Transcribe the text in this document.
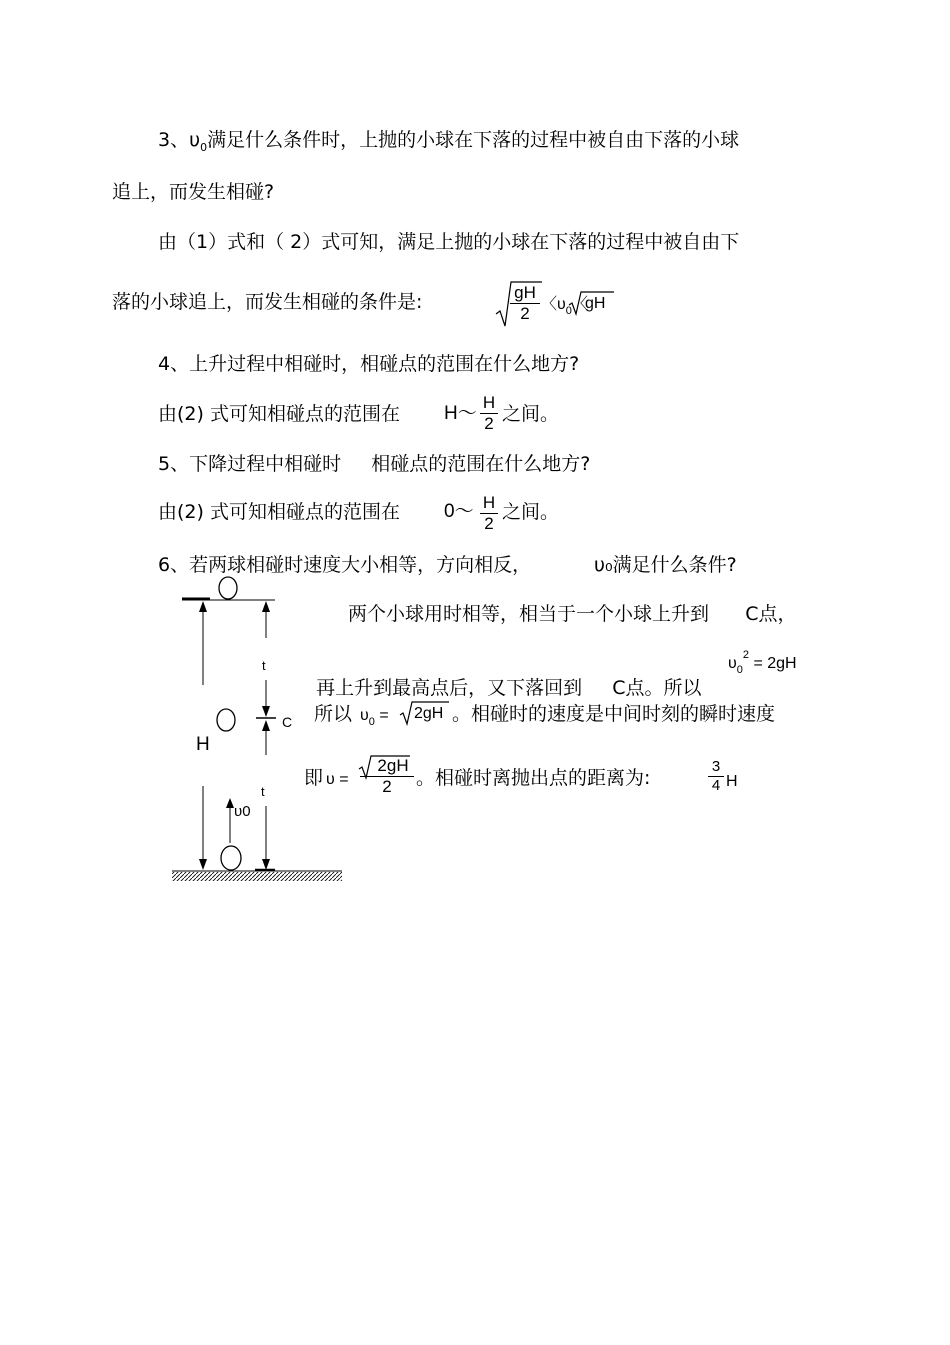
3、$\upsilon_0$满足什么条件时，上抛的小球在下落的过程中被自由下落的小球
追上，而发生相碰?
由（1）式和（ 2）式可知，满足上抛的小球在下落的过程中被自由下
落的小球追上，而发生相碰的条件是:	gH
2 〈$\upsilon_0$〈
gH
4、上升过程中相碰时，相碰点的范围在什么地方?
由(2) 式可知相碰点的范围在 H～
H
2 之间。
5、下降过程中相碰时     相碰点的范围在什么地方?
由(2) 式可知相碰点的范围在 0～ H
2
之间。
6、若两球相碰时速度大小相等，方向相反，	υ₀满足什么条件?
两个小球用时相等，相当于一个小球上升到      C点，

再上升到最高点后，又下落回到     C点。所以

$\upsilon_0^2 = 2gH$
所以 $\upsilon_0 = 2gH$ 。相碰时的速度是中间时刻的瞬时速度
即 υ =
2gH
2	。相碰时离抛出点的距离为:
3
4 H
H
t
C
t
υ0
